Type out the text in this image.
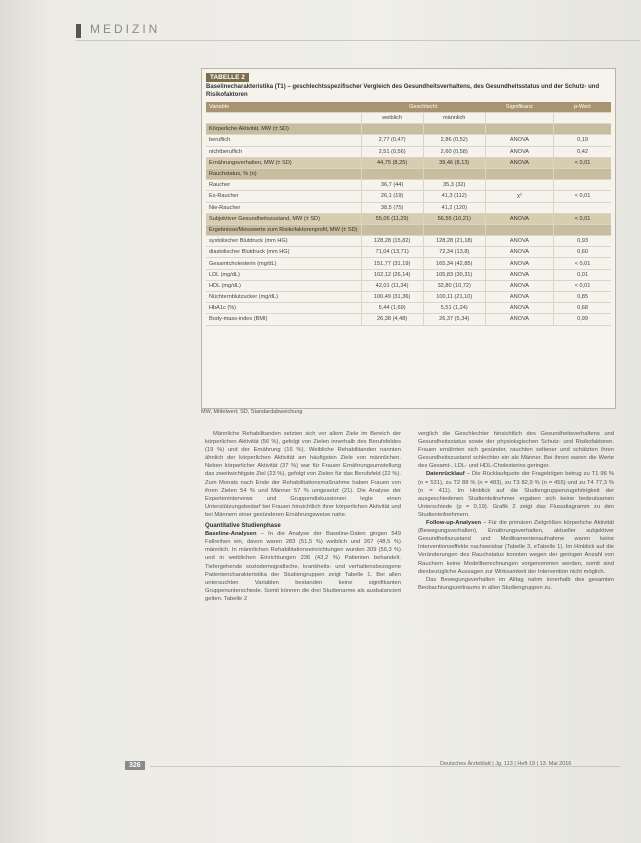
MEDIZIN
TABELLE 2
Baselinecharakteristika (T1) – geschlechtsspezifischer Vergleich des Gesundheitsverhaltens, des Gesundheitsstatus und der Schutz- und Risikofaktoren
Variable	Geschlecht		Signifikanz	p-Wert
	weiblich	männlich		
Körperliche Aktivität, MW (± SD)				
beruflich	2,77 (0,47)	2,86 (0,52)	ANOVA	0,19
nichtberuflich	2,51 (0,56)	2,60 (0,58)	ANOVA	0,42
Ernährungsverhalten, MW (± SD)	44,75 (8,25)	39,46 (8,13)	ANOVA	< 0,01
Rauchstatus, % (n)				
Raucher	36,7 (44)	35,3 (32)		
Ex-Raucher	26,1 (19)	41,3 (112)	χ²	< 0,01
Nie-Raucher	38,5 (75)	41,2 (120)		
Subjektiver Gesundheitszustand, MW (± SD)	55,05 (11,29)	56,55 (10,21)	ANOVA	< 0,01
Ergebnisse/Messwerte zum Risikofaktorenprofil, MW (± SD)				
systolischer Blutdruck (mm HG)	128,28 (15,82)	128,28 (21,18)	ANOVA	0,93
diastolischer Blutdruck (mm HG)	71,04 (13,71)	72,34 (13,8)	ANOVA	0,60
Gesamtcholesterin (mg/dL)	151,77 (31,19)	165,34 (42,85)	ANOVA	< 0,01
LDL (mg/dL)	102,12 (26,14)	105,83 (30,31)	ANOVA	0,01
HDL (mg/dL)	42,01 (11,34)	32,80 (10,72)	ANOVA	< 0,01
Nüchternblutzucker (mg/dL)	100,49 (31,36)	100,11 (21,10)	ANOVA	0,85
HbA1c (%)	5,44 (1,69)	5,51 (1,24)	ANOVA	0,68
Body-mass-index (BMI)	26,38 (4,48)	26,37 (5,34)	ANOVA	0,99
MW, Mittelwert; SD, Standardabweichung

Männliche Rehabilitanden setzten sich vor allem Ziele im Bereich der körperlichen Aktivität (56 %), gefolgt von Zielen innerhalb des Berufsfeldes (19 %) und der Ernährung (16 %). Weibliche Rehabilitanden nannten ähnlich der körperlichen Aktivität am häufigsten Ziele von männlichen. Neben körperlicher Aktivität (37 %) war für Frauen Ernährungsumstellung das zweitwichtigste Ziel (23 %), gefolgt von Zielen für das Berufsfeld (22 %). Zum Monats nach Ende der Rehabilitationsmaßnahme haben Frauen von ihren Zielen 54 % und Männer 57 % umgesetzt (21). Die Analyse der Expertenintervews und Gruppendiskussionen legte einen Unterstützungsbedarf bei Frauen hinsichtlich ihrer körperlichen Aktivität und bei Männern einer gesünderen Ernährungsweise nahe.

Quantitative Studienphase

Baseline-Analysen – In die Analyse der Baseline-Daten gingen 549 Fallreihen ein, davon waren 283 (51,5 %) weiblich und 267 (48,5 %) männlich. In männlichen Rehabilitationseinrichtungen wurden 309 (56,3 %) und in weiblichen Einrichtungen 236 (43,2 %) Patienten behandelt. Tiefergehende soziodemografische, krankheits- und verhaltensbezogene Patientencharakteristika der Studiengruppen zeigt Tabelle 1. Bei allen untersuchten Variablen bestanden keine signifikanten Gruppenunterschiede. Somit können die drei Studienarme als ausbalanciert gelten. Tabelle 2

verglich die Geschlechter hinsichtlich des Gesundheitsverhaltens und Gesundheitsstatus sowie der physiologischen Schutz- und Risikofaktoren. Frauen ernährten sich gesünder, rauchten seltener und schätzten ihren Gesundheitszustand schlechter ein als Männer. Bei ihnen waren die Werte des Gesamt-, LDL- und HDL-Cholesterins geringer.

Datenrücklauf – Die Rücklaufquote der Fragebögen betrug zu T1 96 % (n = 531), zu T2 88 % (n = 483), zu T3 82,9 % (n = 455) und zu T4 77,3 % (n = 411). Im Hinblick auf die Studiengruppenzugehörigkeit der ausgeschiedenen Studienteilnehmer ergaben sich keine bedeutsamen Unterschiede (p = 0,19). Grafik 2 zeigt das Flussdiagramm zu den Studienteilnehmern.

Follow-up-Analysen – Für die primären Zielgrößen körperliche Aktivität (Bewegungsverhalten), Ernährungsverhalten, aktueller subjektiver Gesundheitszustand und Medikamentenaufnahme waren keine Interventionseffekte nachweisbar (Tabelle 3, eTabelle 1). Im Hinblick auf die Veränderungen des Rauchstatus konnten wegen der geringen Anzahl von Rauchern keine Modellberechnungen vorgenommen werden, somit sind diesbezügliche Aussagen zur Wirksamkeit der Intervention nicht möglich.

Das Bewegungsverhalten im Alltag nahm innerhalb des gesamten Beobachtungszeitraums in allen Studiengruppen zu.

326	Deutsches Ärzteblatt | Jg. 113 | Heft 19 | 13. Mai 2016
